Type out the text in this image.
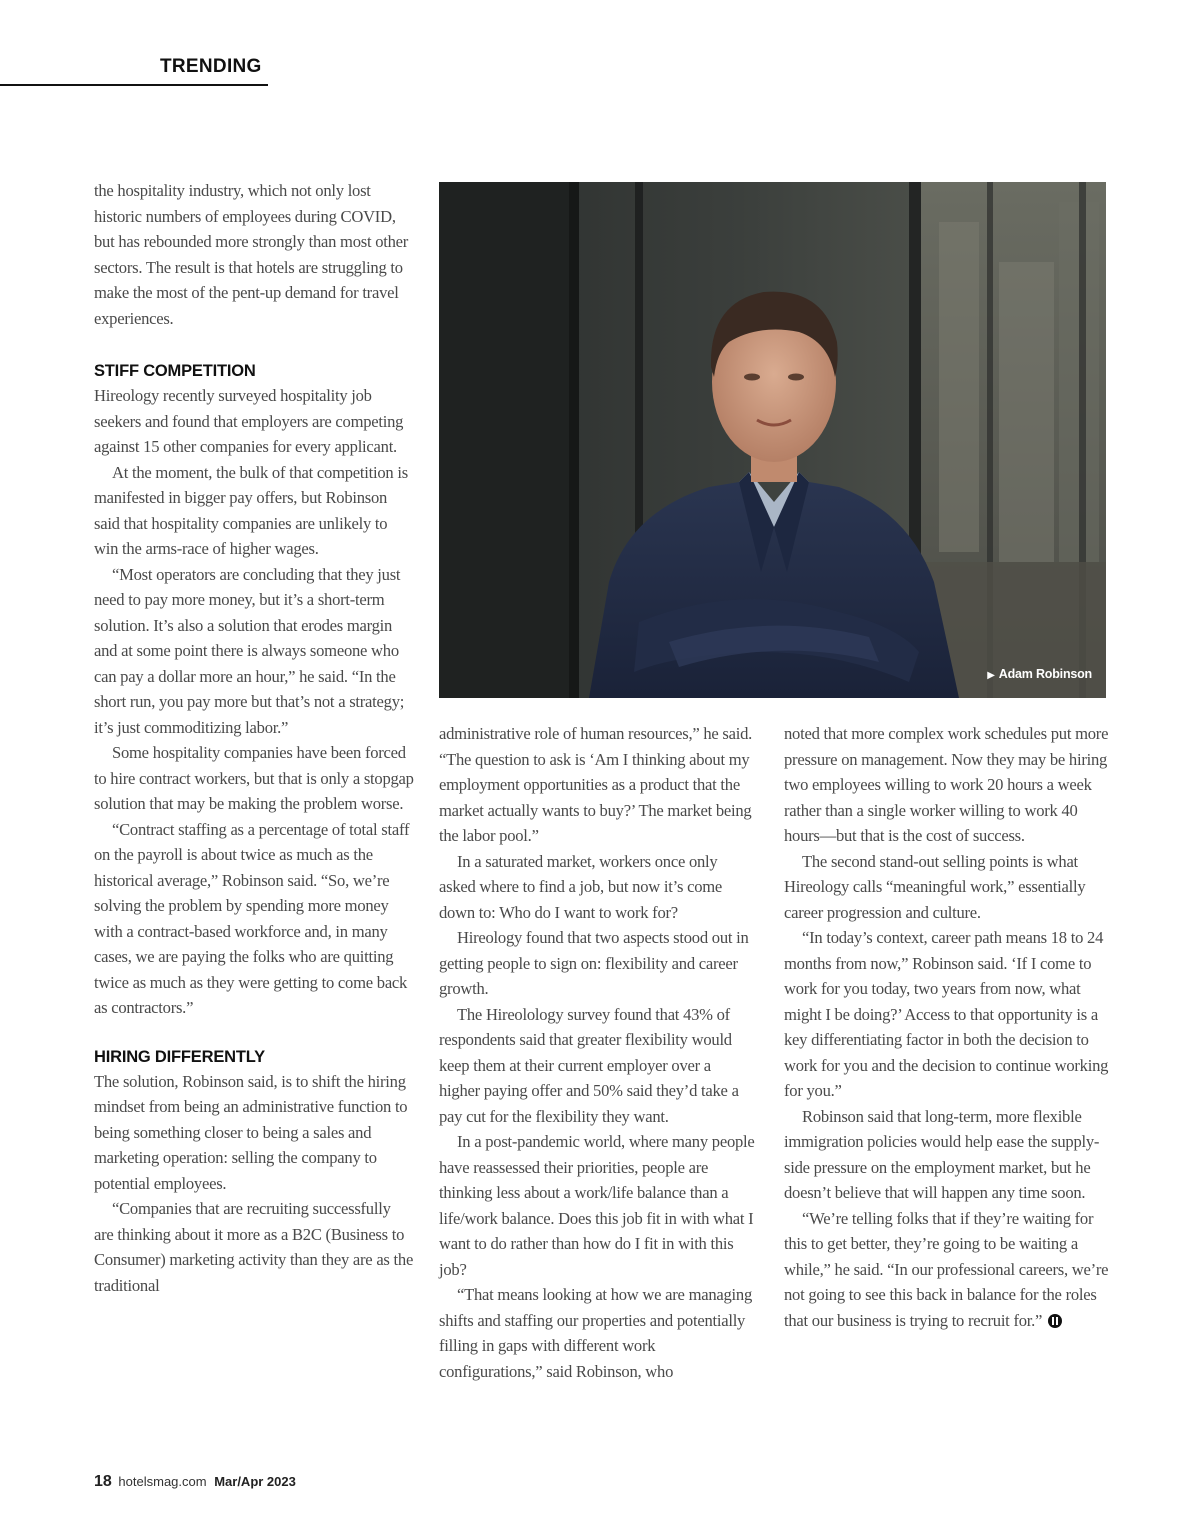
TRENDING

the hospitality industry, which not only lost historic numbers of employees during COVID, but has rebounded more strongly than most other sectors. The result is that hotels are struggling to make the most of the pent-up demand for travel experiences.

STIFF COMPETITION

Hireology recently surveyed hospitality job seekers and found that employers are competing against 15 other companies for every applicant.

At the moment, the bulk of that competition is manifested in bigger pay offers, but Robinson said that hospitality companies are unlikely to win the arms-race of higher wages.

“Most operators are concluding that they just need to pay more money, but it’s a short-term solution. It’s also a solution that erodes margin and at some point there is always someone who can pay a dollar more an hour,” he said. “In the short run, you pay more but that’s not a strategy; it’s just commoditizing labor.”

Some hospitality companies have been forced to hire contract workers, but that is only a stopgap solution that may be making the problem worse.

“Contract staffing as a percentage of total staff on the payroll is about twice as much as the historical average,” Robinson said. “So, we’re solving the problem by spending more money with a contract-based workforce and, in many cases, we are paying the folks who are quitting twice as much as they were getting to come back as contractors.”

HIRING DIFFERENTLY

The solution, Robinson said, is to shift the hiring mindset from being an administrative function to being something closer to being a sales and marketing operation: selling the company to potential employees.

“Companies that are recruiting successfully are thinking about it more as a B2C (Business to Consumer) marketing activity than they are as the traditional

▶ Adam Robinson

administrative role of human resources,” he said. “The question to ask is ‘Am I thinking about my employment opportunities as a product that the market actually wants to buy?’ The market being the labor pool.”

In a saturated market, workers once only asked where to find a job, but now it’s come down to: Who do I want to work for?

Hireology found that two aspects stood out in getting people to sign on: flexibility and career growth.

The Hireolology survey found that 43% of respondents said that greater flexibility would keep them at their current employer over a higher paying offer and 50% said they’d take a pay cut for the flexibility they want.

In a post-pandemic world, where many people have reassessed their priorities, people are thinking less about a work/life balance than a life/work balance. Does this job fit in with what I want to do rather than how do I fit in with this job?

“That means looking at how we are managing shifts and staffing our properties and potentially filling in gaps with different work configurations,” said Robinson, who

noted that more complex work schedules put more pressure on management. Now they may be hiring two employees willing to work 20 hours a week rather than a single worker willing to work 40 hours—but that is the cost of success.

The second stand-out selling points is what Hireology calls “meaningful work,” essentially career progression and culture.

“In today’s context, career path means 18 to 24 months from now,” Robinson said. ‘If I come to work for you today, two years from now, what might I be doing?’ Access to that opportunity is a key differentiating factor in both the decision to work for you and the decision to continue working for you.”

Robinson said that long-term, more flexible immigration policies would help ease the supply-side pressure on the employment market, but he doesn’t believe that will happen any time soon.

“We’re telling folks that if they’re waiting for this to get better, they’re going to be waiting a while,” he said. “In our professional careers, we’re not going to see this back in balance for the roles that our business is trying to recruit for.”

18 hotelsmag.com Mar/Apr 2023
